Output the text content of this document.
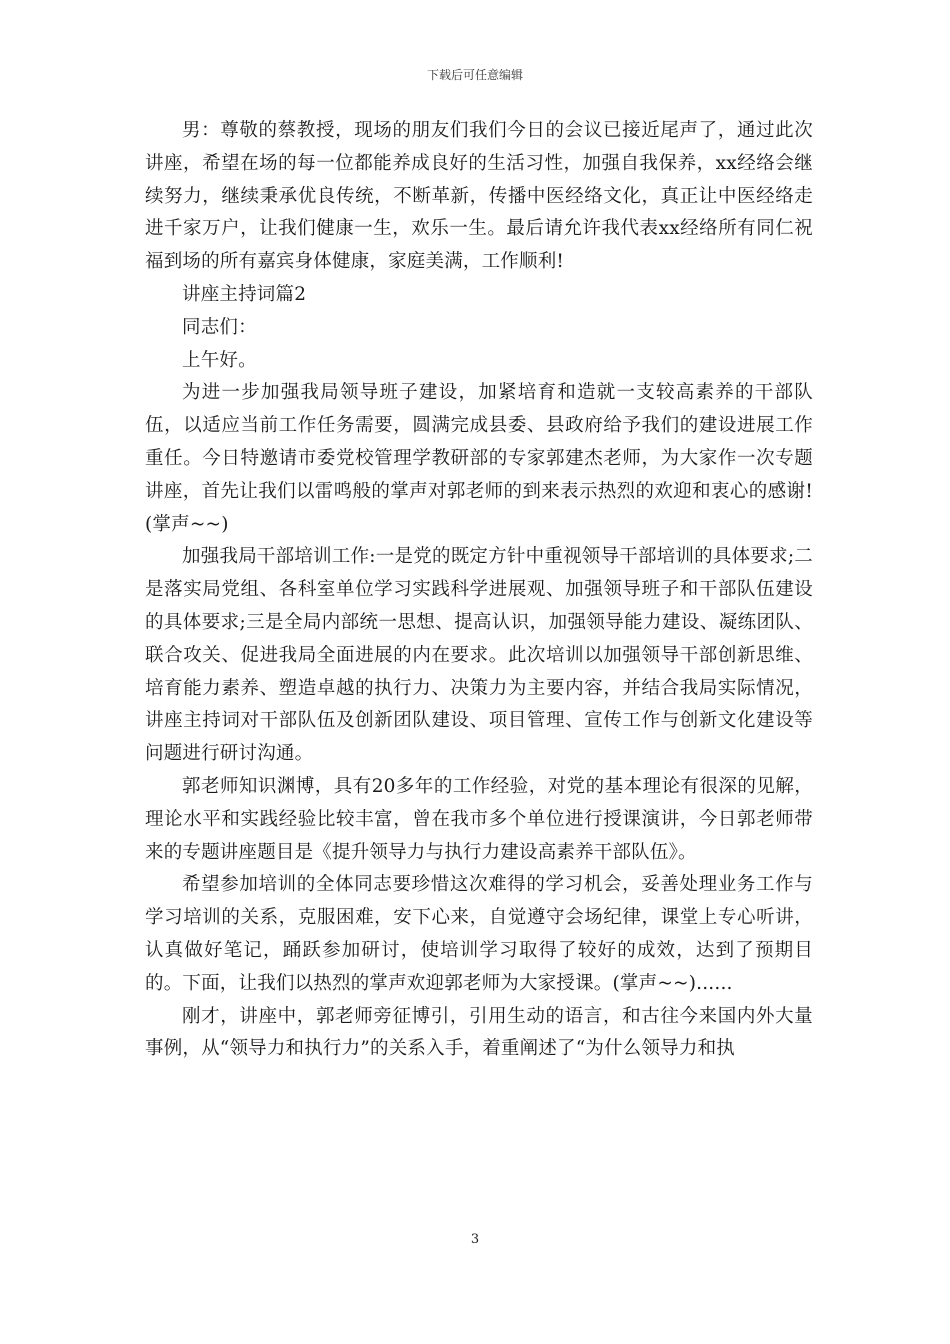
下载后可任意编辑

男：尊敬的蔡教授，现场的朋友们我们今日的会议已接近尾声了，通过此次讲座，希望在场的每一位都能养成良好的生活习性，加强自我保养，xx经络会继续努力，继续秉承优良传统，不断革新，传播中医经络文化，真正让中医经络走进千家万户，让我们健康一生，欢乐一生。最后请允许我代表xx经络所有同仁祝福到场的所有嘉宾身体健康，家庭美满，工作顺利!

讲座主持词篇2

同志们：

上午好。

为进一步加强我局领导班子建设，加紧培育和造就一支较高素养的干部队伍，以适应当前工作任务需要，圆满完成县委、县政府给予我们的建设进展工作重任。今日特邀请市委党校管理学教研部的专家郭建杰老师，为大家作一次专题讲座，首先让我们以雷鸣般的掌声对郭老师的到来表示热烈的欢迎和衷心的感谢!(掌声~~)

加强我局干部培训工作:一是党的既定方针中重视领导干部培训的具体要求;二是落实局党组、各科室单位学习实践科学进展观、加强领导班子和干部队伍建设的具体要求;三是全局内部统一思想、提高认识，加强领导能力建设、凝练团队、联合攻关、促进我局全面进展的内在要求。此次培训以加强领导干部创新思维、培育能力素养、塑造卓越的执行力、决策力为主要内容，并结合我局实际情况，讲座主持词对干部队伍及创新团队建设、项目管理、宣传工作与创新文化建设等问题进行研讨沟通。

郭老师知识渊博，具有20多年的工作经验，对党的基本理论有很深的见解，理论水平和实践经验比较丰富，曾在我市多个单位进行授课演讲，今日郭老师带来的专题讲座题目是《提升领导力与执行力建设高素养干部队伍》。

希望参加培训的全体同志要珍惜这次难得的学习机会，妥善处理业务工作与学习培训的关系，克服困难，安下心来，自觉遵守会场纪律，课堂上专心听讲，认真做好笔记，踊跃参加研讨，使培训学习取得了较好的成效，达到了预期目的。下面，让我们以热烈的掌声欢迎郭老师为大家授课。(掌声~~)......

刚才，讲座中，郭老师旁征博引，引用生动的语言，和古往今来国内外大量事例，从“领导力和执行力”的关系入手，着重阐述了“为什么领导力和执

3
